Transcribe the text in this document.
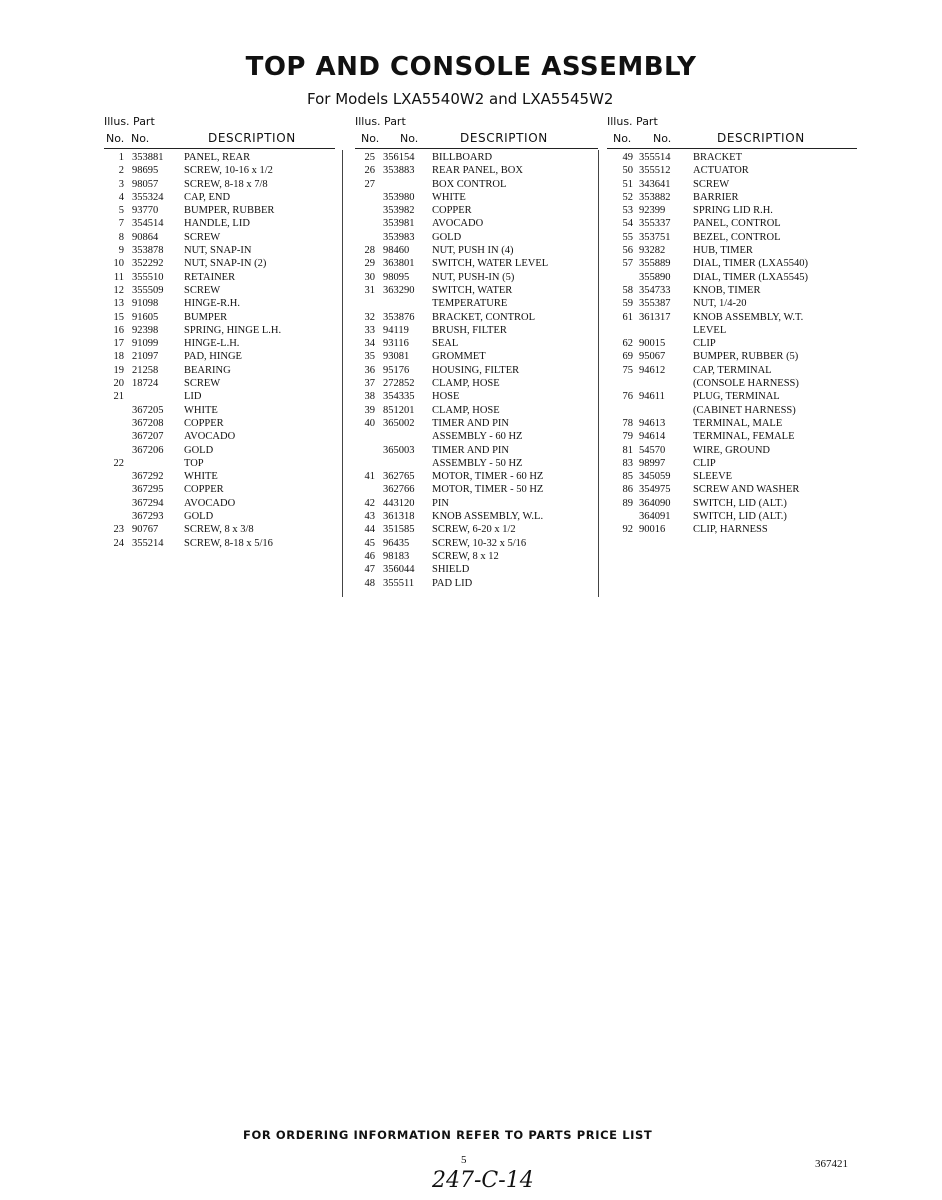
TOP AND CONSOLE ASSEMBLY
For Models LXA5540W2 and LXA5545W2
Illus. Part
No. No.	DESCRIPTION
1 353881 PANEL, REAR
2 98695 SCREW, 10-16 x 1/2
3 98057 SCREW, 8-18 x 7/8
4 355324 CAP, END
5 93770 BUMPER, RUBBER
7 354514 HANDLE, LID
8 90864 SCREW
9 353878 NUT, SNAP-IN
10 352292 NUT, SNAP-IN (2)
11 355510 RETAINER
12 355509 SCREW
13 91098 HINGE-R.H.
15 91605 BUMPER
16 92398 SPRING, HINGE L.H.
17 91099 HINGE-L.H.
18 21097 PAD, HINGE
19 21258 BEARING
20 18724 SCREW
21	LID
367205 WHITE
367208 COPPER
367207 AVOCADO
367206 GOLD
22	TOP
367292 WHITE
367295 COPPER
367294 AVOCADO
367293 GOLD
23 90767 SCREW, 8 x 3/8
24 355214 SCREW, 8-18 x 5/16
Illus. Part
No. No.	DESCRIPTION
25 356154 BILLBOARD
26 353883 REAR PANEL, BOX
27	BOX CONTROL
353980 WHITE
353982 COPPER
353981 AVOCADO
353983 GOLD
28 98460 NUT, PUSH IN (4)
29 363801 SWITCH, WATER LEVEL
30 98095 NUT, PUSH-IN (5)
31 363290 SWITCH, WATER
TEMPERATURE
32 353876 BRACKET, CONTROL
33 94119 BRUSH, FILTER
34 93116 SEAL
35 93081 GROMMET
36 95176 HOUSING, FILTER
37 272852 CLAMP, HOSE
38 354335 HOSE
39 851201 CLAMP, HOSE
40 365002 TIMER AND PIN
ASSEMBLY - 60 HZ
365003 TIMER AND PIN
ASSEMBLY - 50 HZ
41 362765 MOTOR, TIMER - 60 HZ
362766 MOTOR, TIMER - 50 HZ
42 443120 PIN
43 361318 KNOB ASSEMBLY, W.L.
44 351585 SCREW, 6-20 x 1/2
45 96435 SCREW, 10-32 x 5/16
46 98183 SCREW, 8 x 12
47 356044 SHIELD
48 355511 PAD LID
Illus. Part
No. No.	DESCRIPTION
49 355514 BRACKET
50 355512 ACTUATOR
51 343641 SCREW
52 353882 BARRIER
53 92399	SPRING LID R.H.
54 355337 PANEL, CONTROL
55 353751 BEZEL, CONTROL
56 93282	HUB, TIMER
57 355889 DIAL, TIMER (LXA5540)
355890 DIAL, TIMER (LXA5545)
58 354733 KNOB, TIMER
59 355387 NUT, 1/4-20
61 361317 KNOB ASSEMBLY, W.T.
LEVEL
62 90015	CLIP
69 95067	BUMPER, RUBBER (5)
75 94612	CAP, TERMINAL
(CONSOLE HARNESS)
76 94611	PLUG, TERMINAL
(CABINET HARNESS)
78 94613	TERMINAL, MALE
79 94614	TERMINAL, FEMALE
81 54570	WIRE, GROUND
83 98997	CLIP
85 345059 SLEEVE
86 354975 SCREW AND WASHER
89 364090 SWITCH, LID (ALT.)
364091 SWITCH, LID (ALT.)
92 90016	CLIP, HARNESS
FOR ORDERING INFORMATION REFER TO PARTS PRICE LIST
5	367421
247-C-14
